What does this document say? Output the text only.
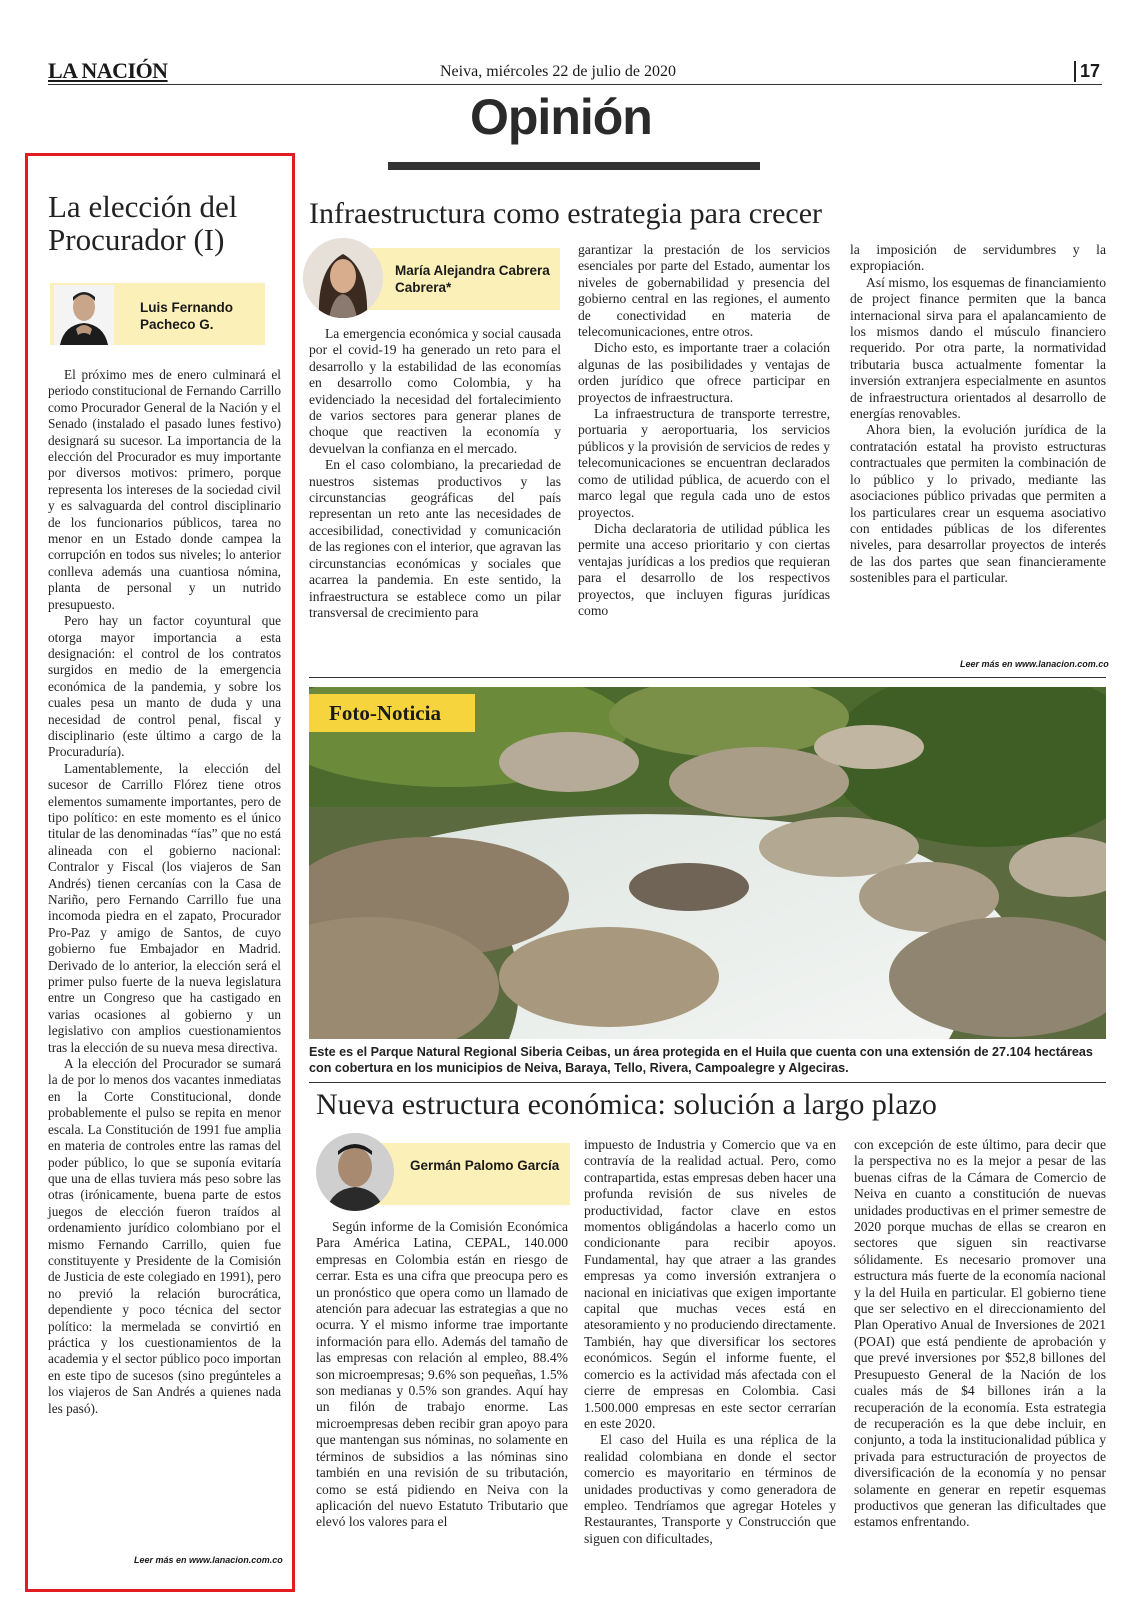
LA NACIÓN	Neiva, miércoles 22 de julio de 2020	17
Opinión
La elección del Procurador (I)
Luis Fernando Pacheco G.

El próximo mes de enero culminará el periodo constitucional de Fernando Carrillo como Procurador General de la Nación y el Senado (instalado el pasado lunes festivo) designará su sucesor. La importancia de la elección del Procurador es muy importante por diversos motivos: primero, porque representa los intereses de la sociedad civil y es salvaguarda del control disciplinario de los funcionarios públicos, tarea no menor en un Estado donde campea la corrupción en todos sus niveles; lo anterior conlleva además una cuantiosa nómina, planta de personal y un nutrido presupuesto.

Pero hay un factor coyuntural que otorga mayor importancia a esta designación: el control de los contratos surgidos en medio de la emergencia económica de la pandemia, y sobre los cuales pesa un manto de duda y una necesidad de control penal, fiscal y disciplinario (este último a cargo de la Procuraduría).

Lamentablemente, la elección del sucesor de Carrillo Flórez tiene otros elementos sumamente importantes, pero de tipo político: en este momento es el único titular de las denominadas “ías” que no está alineada con el gobierno nacional: Contralor y Fiscal (los viajeros de San Andrés) tienen cercanías con la Casa de Nariño, pero Fernando Carrillo fue una incomoda piedra en el zapato, Procurador Pro-Paz y amigo de Santos, de cuyo gobierno fue Embajador en Madrid. Derivado de lo anterior, la elección será el primer pulso fuerte de la nueva legislatura entre un Congreso que ha castigado en varias ocasiones al gobierno y un legislativo con amplios cuestionamientos tras la elección de su nueva mesa directiva.

A la elección del Procurador se sumará la de por lo menos dos vacantes inmediatas en la Corte Constitucional, donde probablemente el pulso se repita en menor escala. La Constitución de 1991 fue amplia en materia de controles entre las ramas del poder público, lo que se suponía evitaría que una de ellas tuviera más peso sobre las otras (irónicamente, buena parte de estos juegos de elección fueron traídos al ordenamiento jurídico colombiano por el mismo Fernando Carrillo, quien fue constituyente y Presidente de la Comisión de Justicia de este colegiado en 1991), pero no previó la relación burocrática, dependiente y poco técnica del sector político: la mermelada se convirtió en práctica y los cuestionamientos de la academia y el sector público poco importan en este tipo de sucesos (sino pregúnteles a los viajeros de San Andrés a quienes nada les pasó).

Leer más en www.lanacion.com.co
Infraestructura como estrategia para crecer
María Alejandra Cabrera Cabrera*

La emergencia económica y social causada por el covid-19 ha generado un reto para el desarrollo y la estabilidad de las economías en desarrollo como Colombia, y ha evidenciado la necesidad del fortalecimiento de varios sectores para generar planes de choque que reactiven la economía y devuelvan la confianza en el mercado.

En el caso colombiano, la precariedad de nuestros sistemas productivos y las circunstancias geográficas del país representan un reto ante las necesidades de accesibilidad, conectividad y comunicación de las regiones con el interior, que agravan las circunstancias económicas y sociales que acarrea la pandemia. En este sentido, la infraestructura se establece como un pilar transversal de crecimiento para

garantizar la prestación de los servicios esenciales por parte del Estado, aumentar los niveles de gobernabilidad y presencia del gobierno central en las regiones, el aumento de conectividad en materia de telecomunicaciones, entre otros.

Dicho esto, es importante traer a colación algunas de las posibilidades y ventajas de orden jurídico que ofrece participar en proyectos de infraestructura.

La infraestructura de transporte terrestre, portuaria y aeroportuaria, los servicios públicos y la provisión de servicios de redes y telecomunicaciones se encuentran declarados como de utilidad pública, de acuerdo con el marco legal que regula cada uno de estos proyectos.

Dicha declaratoria de utilidad pública les permite una acceso prioritario y con ciertas ventajas jurídicas a los predios que requieran para el desarrollo de los respectivos proyectos, que incluyen figuras jurídicas como

la imposición de servidumbres y la expropiación.

Así mismo, los esquemas de financiamiento de project finance permiten que la banca internacional sirva para el apalancamiento de los mismos dando el músculo financiero requerido. Por otra parte, la normatividad tributaria busca actualmente fomentar la inversión extranjera especialmente en asuntos de infraestructura orientados al desarrollo de energías renovables.

Ahora bien, la evolución jurídica de la contratación estatal ha provisto estructuras contractuales que permiten la combinación de lo público y lo privado, mediante las asociaciones público privadas que permiten a los particulares crear un esquema asociativo con entidades públicas de los diferentes niveles, para desarrollar proyectos de interés de las dos partes que sean financieramente sostenibles para el particular.

Leer más en www.lanacion.com.co
Foto-Noticia
Este es el Parque Natural Regional Siberia Ceibas, un área protegida en el Huila que cuenta con una extensión de 27.104 hectáreas con cobertura en los municipios de Neiva, Baraya, Tello, Rivera, Campoalegre y Algeciras.
Nueva estructura económica: solución a largo plazo
Germán Palomo García

Según informe de la Comisión Económica Para América Latina, CEPAL, 140.000 empresas en Colombia están en riesgo de cerrar. Esta es una cifra que preocupa pero es un pronóstico que opera como un llamado de atención para adecuar las estrategias a que no ocurra. Y el mismo informe trae importante información para ello. Además del tamaño de las empresas con relación al empleo, 88.4% son microempresas; 9.6% son pequeñas, 1.5% son medianas y 0.5% son grandes. Aquí hay un filón de trabajo enorme. Las microempresas deben recibir gran apoyo para que mantengan sus nóminas, no solamente en términos de subsidios a las nóminas sino también en una revisión de su tributación, como se está pidiendo en Neiva con la aplicación del nuevo Estatuto Tributario que elevó los valores para el

impuesto de Industria y Comercio que va en contravía de la realidad actual. Pero, como contrapartida, estas empresas deben hacer una profunda revisión de sus niveles de productividad, factor clave en estos momentos obligándolas a hacerlo como un condicionante para recibir apoyos. Fundamental, hay que atraer a las grandes empresas ya como inversión extranjera o nacional en iniciativas que exigen importante capital que muchas veces está en atesoramiento y no produciendo directamente. También, hay que diversificar los sectores económicos. Según el informe fuente, el comercio es la actividad más afectada con el cierre de empresas en Colombia. Casi 1.500.000 empresas en este sector cerrarían en este 2020.

El caso del Huila es una réplica de la realidad colombiana en donde el sector comercio es mayoritario en términos de unidades productivas y como generadora de empleo. Tendríamos que agregar Hoteles y Restaurantes, Transporte y Construcción que siguen con dificultades,

con excepción de este último, para decir que la perspectiva no es la mejor a pesar de las buenas cifras de la Cámara de Comercio de Neiva en cuanto a constitución de nuevas unidades productivas en el primer semestre de 2020 porque muchas de ellas se crearon en sectores que siguen sin reactivarse sólidamente. Es necesario promover una estructura más fuerte de la economía nacional y la del Huila en particular. El gobierno tiene que ser selectivo en el direccionamiento del Plan Operativo Anual de Inversiones de 2021 (POAI) que está pendiente de aprobación y que prevé inversiones por $52,8 billones del Presupuesto General de la Nación de los cuales más de $4 billones irán a la recuperación de la economía. Esta estrategia de recuperación es la que debe incluir, en conjunto, a toda la institucionalidad pública y privada para estructuración de proyectos de diversificación de la economía y no pensar solamente en generar en repetir esquemas productivos que generan las dificultades que estamos enfrentando.
